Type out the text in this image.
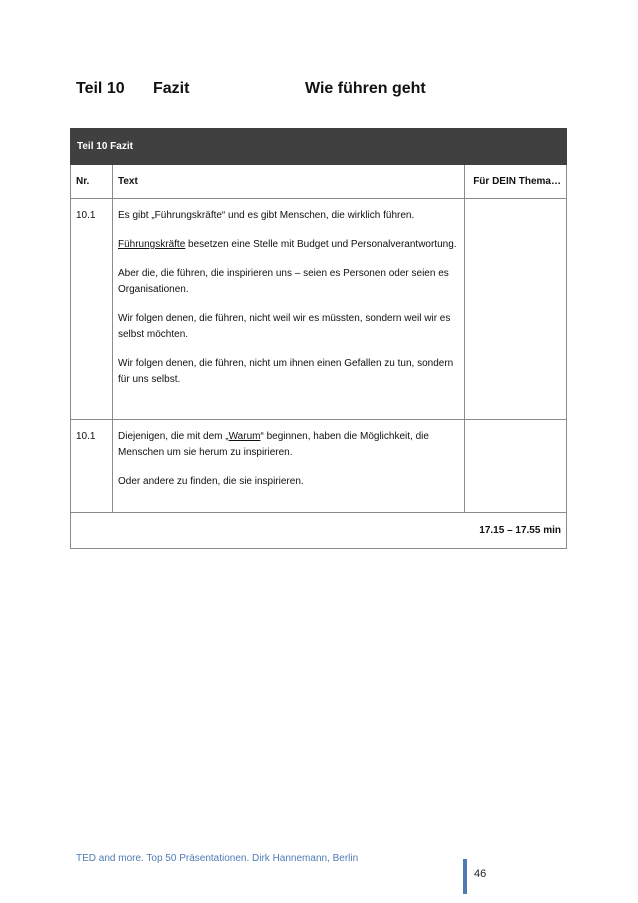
Teil 10 Fazit	Wie führen geht
Teil 10 Fazit		
Nr.	Text	Für DEIN Thema…
10.1	Es gibt „Führungskräfte“ und es gibt Menschen, die wirklich führen.

Führungskräfte besetzen eine Stelle mit Budget und Personalverantwortung.

Aber die, die führen, die inspirieren uns – seien es Personen oder seien es Organisationen.

Wir folgen denen, die führen, nicht weil wir es müssten, sondern weil wir es selbst möchten.

Wir folgen denen, die führen, nicht um ihnen einen Gefallen zu tun, sondern für uns selbst.	

10.1	Diejenigen, die mit dem „Warum“ beginnen, haben die Möglichkeit, die Menschen um sie herum zu inspirieren.

Oder andere zu finden, die sie inspirieren.	

17.15 – 17.55 min		
TED and more. Top 50 Präsentationen. Dirk Hannemann, Berlin
46
